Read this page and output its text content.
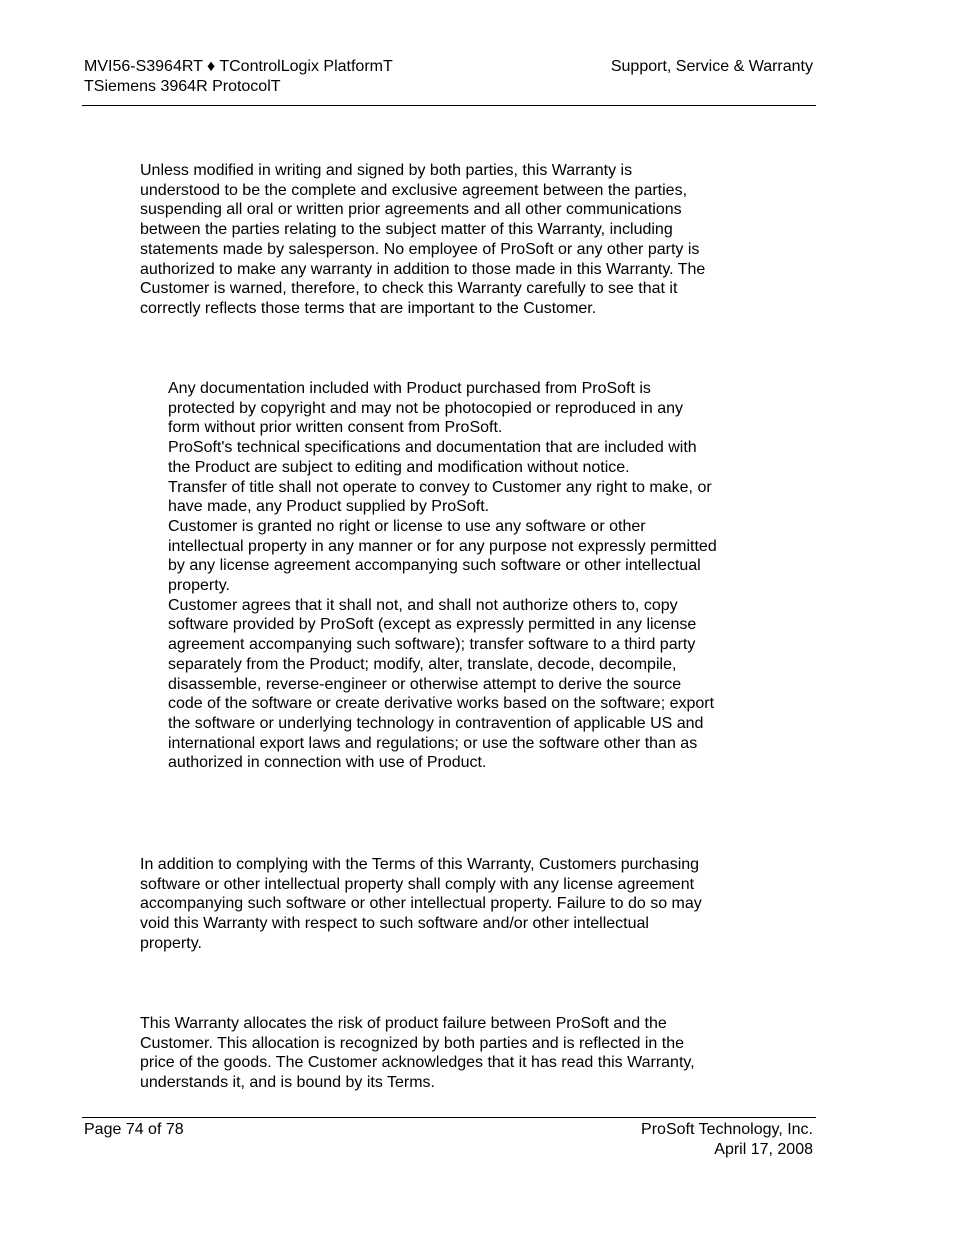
MVI56-S3964RT ♦ TControlLogix PlatformT
TSiemens 3964R ProtocolT
Support, Service & Warranty
Unless modified in writing and signed by both parties, this Warranty is
understood to be the complete and exclusive agreement between the parties,
suspending all oral or written prior agreements and all other communications
between the parties relating to the subject matter of this Warranty, including
statements made by salesperson. No employee of ProSoft or any other party is
authorized to make any warranty in addition to those made in this Warranty. The
Customer is warned, therefore, to check this Warranty carefully to see that it
correctly reflects those terms that are important to the Customer.
Any documentation included with Product purchased from ProSoft is
protected by copyright and may not be photocopied or reproduced in any
form without prior written consent from ProSoft.
ProSoft's technical specifications and documentation that are included with
the Product are subject to editing and modification without notice.
Transfer of title shall not operate to convey to Customer any right to make, or
have made, any Product supplied by ProSoft.
Customer is granted no right or license to use any software or other
intellectual property in any manner or for any purpose not expressly permitted
by any license agreement accompanying such software or other intellectual
property.
Customer agrees that it shall not, and shall not authorize others to, copy
software provided by ProSoft (except as expressly permitted in any license
agreement accompanying such software); transfer software to a third party
separately from the Product; modify, alter, translate, decode, decompile,
disassemble, reverse-engineer or otherwise attempt to derive the source
code of the software or create derivative works based on the software; export
the software or underlying technology in contravention of applicable US and
international export laws and regulations; or use the software other than as
authorized in connection with use of Product.
In addition to complying with the Terms of this Warranty, Customers purchasing
software or other intellectual property shall comply with any license agreement
accompanying such software or other intellectual property. Failure to do so may
void this Warranty with respect to such software and/or other intellectual
property.
This Warranty allocates the risk of product failure between ProSoft and the
Customer. This allocation is recognized by both parties and is reflected in the
price of the goods. The Customer acknowledges that it has read this Warranty,
understands it, and is bound by its Terms.
Page 74 of 78	ProSoft Technology, Inc.
April 17, 2008
